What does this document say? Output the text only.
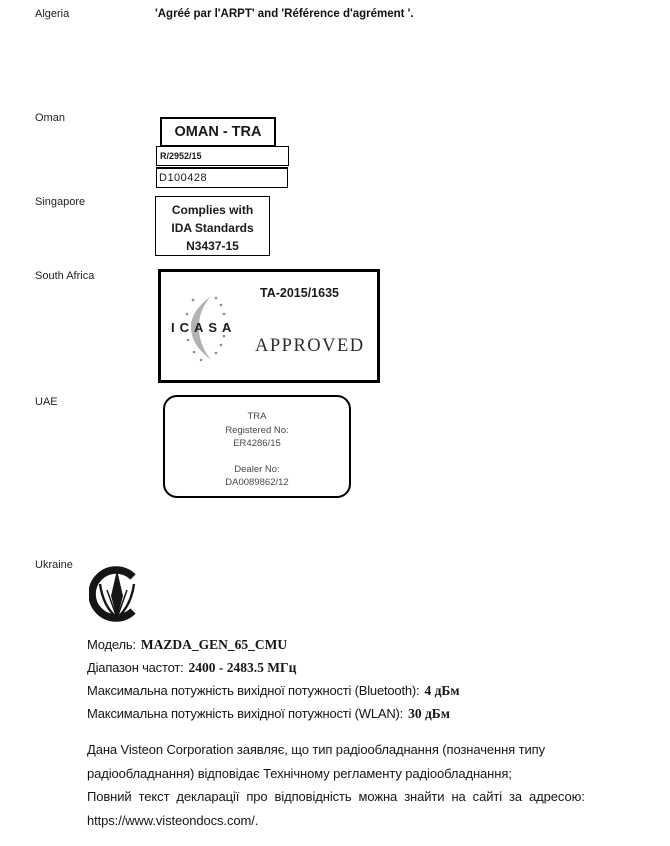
Algeria	'Agréé par l'ARPT' and 'Référence d'agrément '.
Oman
OMAN - TRA
R/2952/15
D100428
Singapore
Complies with
IDA Standards
N3437-15
South Africa
TA-2015/1635
ICASA
APPROVED
UAE
TRA
Registered No:
ER4286/15
Dealer No:
DA0089862/12
Ukraine
Модель: MAZDA_GEN_65_CMU
Діапазон частот: 2400 - 2483.5 МГц
Максимальна потужність вихідної потужності (Bluetooth): 4 дБм
Максимальна потужність вихідної потужності (WLAN): 30 дБм
Дана Visteon Corporation заявляє, що тип радіообладнання (позначення типу
радіообладнання) відповідає Технічному регламенту радіообладнання;
Повний текст декларації про відповідність можна знайти на сайті за адресою:
https://www.visteondocs.com/.
